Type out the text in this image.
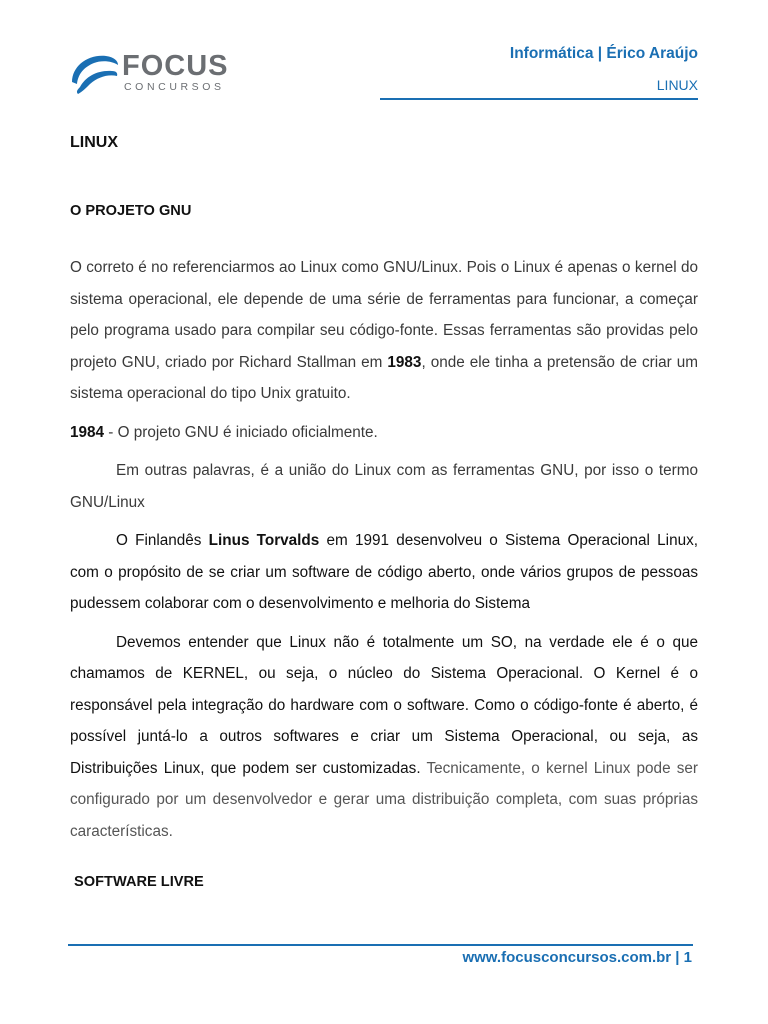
FOCUS
CONCURSOS
Informática | Érico Araújo
LINUX
LINUX
O PROJETO GNU

O correto é no referenciarmos ao Linux como GNU/Linux. Pois o Linux é apenas o kernel do sistema operacional, ele depende de uma série de ferramentas para funcionar, a começar pelo programa usado para compilar seu código-fonte. Essas ferramentas são providas pelo projeto GNU, criado por Richard Stallman em 1983, onde ele tinha a pretensão de criar um sistema operacional do tipo Unix gratuito.

1984 - O projeto GNU é iniciado oficialmente.

Em outras palavras, é a união do Linux com as ferramentas GNU, por isso o termo GNU/Linux

O Finlandês Linus Torvalds em 1991 desenvolveu o Sistema Operacional Linux, com o propósito de se criar um software de código aberto, onde vários grupos de pessoas pudessem colaborar com o desenvolvimento e melhoria do Sistema

Devemos entender que Linux não é totalmente um SO, na verdade ele é o que chamamos de KERNEL, ou seja, o núcleo do Sistema Operacional. O Kernel é o responsável pela integração do hardware com o software. Como o código-fonte é aberto, é possível juntá-lo a outros softwares e criar um Sistema Operacional, ou seja, as Distribuições Linux, que podem ser customizadas. Tecnicamente, o kernel Linux pode ser configurado por um desenvolvedor e gerar uma distribuição completa, com suas próprias características.

SOFTWARE LIVRE
www.focusconcursos.com.br | 1
